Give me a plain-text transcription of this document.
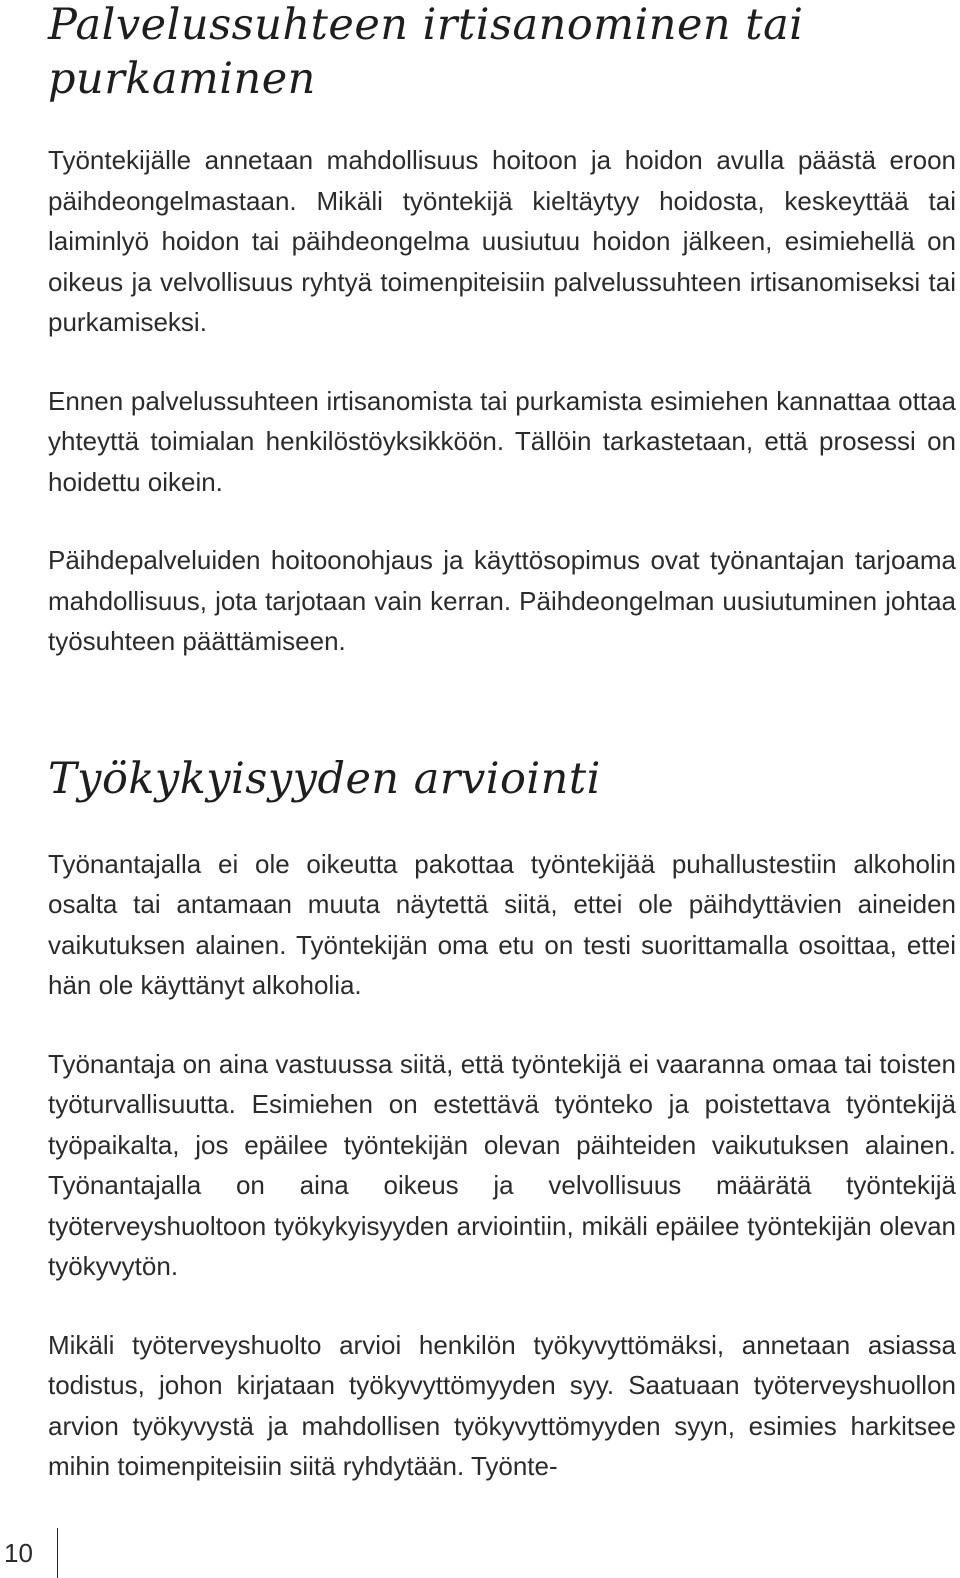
Palvelussuhteen irtisanominen tai purkaminen

Työntekijälle annetaan mahdollisuus hoitoon ja hoidon avulla päästä eroon päihdeongelmastaan. Mikäli työntekijä kieltäytyy hoidosta, keskeyttää tai laiminlyö hoidon tai päihdeongelma uusiutuu hoidon jälkeen, esimiehellä on oikeus ja velvollisuus ryhtyä toimenpiteisiin palvelussuhteen irtisanomiseksi tai purkamiseksi.

Ennen palvelussuhteen irtisanomista tai purkamista esimiehen kannattaa ottaa yhteyttä toimialan henkilöstöyksikköön. Tällöin tarkastetaan, että prosessi on hoidettu oikein.

Päihdepalveluiden hoitoonohjaus ja käyttösopimus ovat työnantajan tarjoama mahdollisuus, jota tarjotaan vain kerran. Päihdeongelman uusiutuminen johtaa työsuhteen päättämiseen.

Työkykyisyyden arviointi

Työnantajalla ei ole oikeutta pakottaa työntekijää puhallustestiin alkoholin osalta tai antamaan muuta näytettä siitä, ettei ole päihdyttävien aineiden vaikutuksen alainen. Työntekijän oma etu on testi suorittamalla osoittaa, ettei hän ole käyttänyt alkoholia.

Työnantaja on aina vastuussa siitä, että työntekijä ei vaaranna omaa tai toisten työturvallisuutta. Esimiehen on estettävä työnteko ja poistettava työntekijä työpaikalta, jos epäilee työntekijän olevan päihteiden vaikutuksen alainen. Työnantajalla on aina oikeus ja velvollisuus määrätä työntekijä työterveyshuoltoon työkykyisyyden arviointiin, mikäli epäilee työntekijän olevan työkyvytön.

Mikäli työterveyshuolto arvioi henkilön työkyvyttömäksi, annetaan asiassa todistus, johon kirjataan työkyvyttömyyden syy. Saatuaan työterveyshuollon arvion työkyvystä ja mahdollisen työkyvyttömyyden syyn, esimies harkitsee mihin toimenpiteisiin siitä ryhdytään. Työnte-

10
